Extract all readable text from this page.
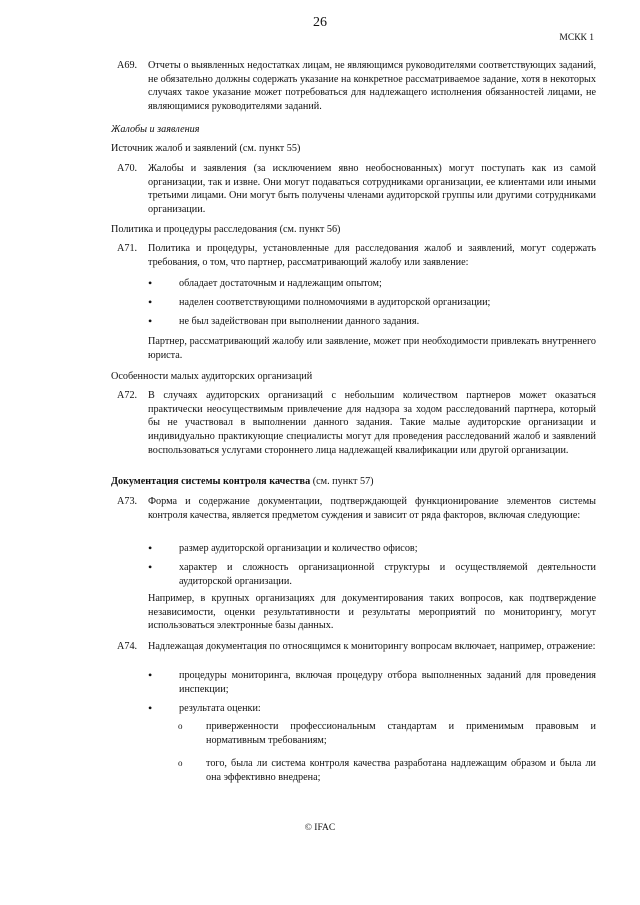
26
МСКК 1
A69.	Отчеты о выявленных недостатках лицам, не являющимся руководителями соответствующих заданий, не обязательно должны содержать указание на конкретное рассматриваемое задание, хотя в некоторых случаях такое указание может потребоваться для надлежащего исполнения обязанностей лицами, не являющимися руководителями заданий.
Жалобы и заявления
Источник жалоб и заявлений (см. пункт 55)
A70.	Жалобы и заявления (за исключением явно необоснованных) могут поступать как из самой организации, так и извне. Они могут подаваться сотрудниками организации, ее клиентами или иными третьими лицами. Они могут быть получены членами аудиторской группы или другими сотрудниками организации.
Политика и процедуры расследования (см. пункт 56)
A71.	Политика и процедуры, установленные для расследования жалоб и заявлений, могут содержать требования, о том, что партнер, рассматривающий жалобу или заявление:
•	обладает достаточным и надлежащим опытом;
•	наделен соответствующими полномочиями в аудиторской организации;
•	не был задействован при выполнении данного задания.
Партнер, рассматривающий жалобу или заявление, может при необходимости привлекать внутреннего юриста.
Особенности малых аудиторских организаций
A72.	В случаях аудиторских организаций с небольшим количеством партнеров может оказаться практически неосуществимым привлечение для надзора за ходом расследований партнера, который бы не участвовал в выполнении данного задания. Такие малые аудиторские организации и индивидуально практикующие специалисты могут для проведения расследований жалоб и заявлений воспользоваться услугами стороннего лица надлежащей квалификации или другой организации.
Документация системы контроля качества (см. пункт 57)
A73.	Форма и содержание документации, подтверждающей функционирование элементов системы контроля качества, является предметом суждения и зависит от ряда факторов, включая следующие:
•	размер аудиторской организации и количество офисов;
•	характер и сложность организационной структуры и осуществляемой деятельности аудиторской организации.
Например, в крупных организациях для документирования таких вопросов, как подтверждение независимости, оценки результативности и результаты мероприятий по мониторингу, могут использоваться электронные базы данных.
A74.	Надлежащая документация по относящимся к мониторингу вопросам включает, например, отражение:
•	процедуры мониторинга, включая процедуру отбора выполненных заданий для проведения инспекции;
•	результата оценки:
o	приверженности профессиональным стандартам и применимым правовым и нормативным требованиям;
o	того, была ли система контроля качества разработана надлежащим образом и была ли она эффективно внедрена;
© IFAC
